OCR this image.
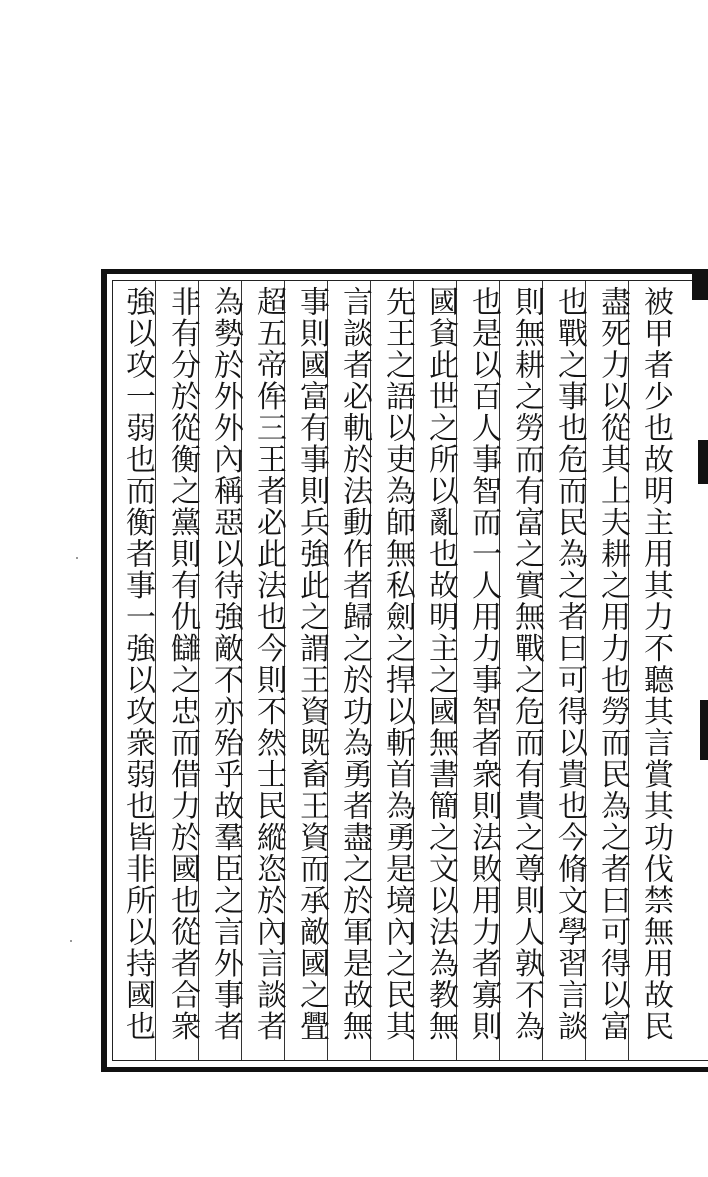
被甲者少也故明主用其力不聽其言賞其功伐禁無用故民
盡死力以從其上夫耕之用力也勞而民為之者曰可得以富
也戰之事也危而民為之者曰可得以貴也今脩文學習言談
則無耕之勞而有富之實無戰之危而有貴之尊則人孰不為
也是以百人事智而一人用力事智者衆則法敗用力者寡則
國貧此世之所以亂也故明主之國無書簡之文以法為教無
先王之語以吏為師無私劍之捍以斬首為勇是境內之民其
言談者必軌於法動作者歸之於功為勇者盡之於軍是故無
事則國富有事則兵強此之謂王資既畜王資而承敵國之舋
超五帝侔三王者必此法也今則不然士民縱恣於內言談者
為勢於外外內稱惡以待強敵不亦殆乎故羣臣之言外事者
非有分於從衡之黨則有仇讎之忠而借力於國也從者合衆
強以攻一弱也而衡者事一強以攻衆弱也皆非所以持國也
